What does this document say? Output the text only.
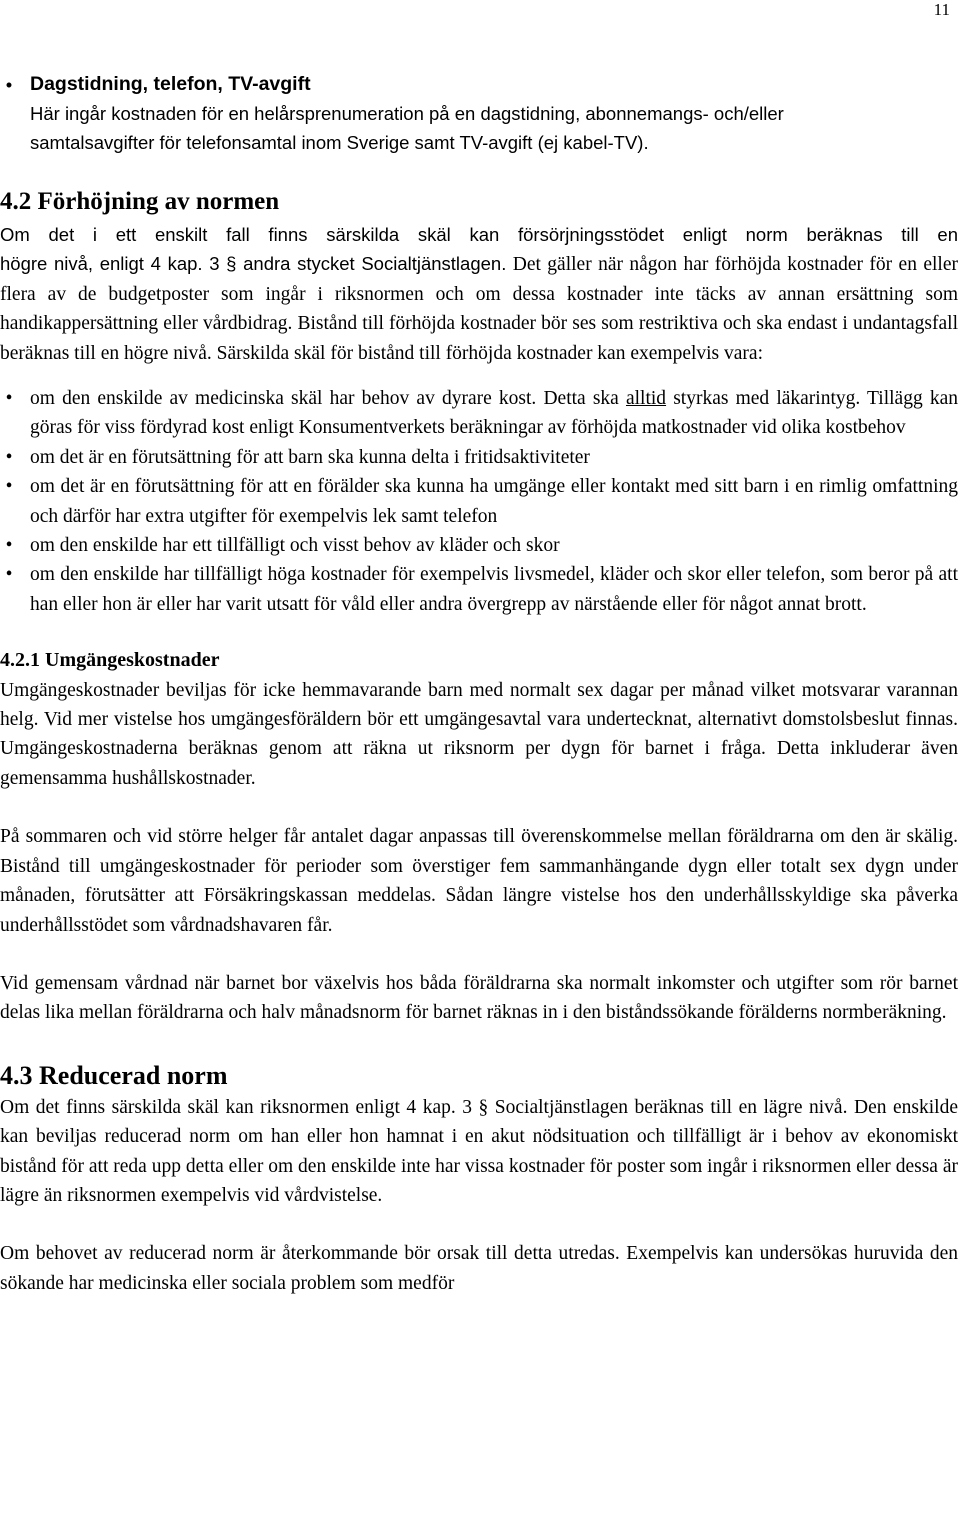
11
• Dagstidning, telefon, TV-avgift
Här ingår kostnaden för en helårsprenumeration på en dagstidning, abonnemangs- och/eller
samtalsavgifter för telefonsamtal inom Sverige samt TV-avgift (ej kabel-TV).
4.2 Förhöjning av normen

Om det i ett enskilt fall finns särskilda skäl kan försörjningsstödet enligt norm beräknas till en

högre nivå, enligt 4 kap. 3 § andra stycket Socialtjänstlagen. Det gäller när någon har förhöjda kostnader för en eller flera av de budgetposter som ingår i riksnormen och om dessa kostnader inte täcks av annan ersättning som handikappersättning eller vårdbidrag. Bistånd till förhöjda kostnader bör ses som restriktiva och ska endast i undantagsfall beräknas till en högre nivå. Särskilda skäl för bistånd till förhöjda kostnader kan exempelvis vara:

• om den enskilde av medicinska skäl har behov av dyrare kost. Detta ska alltid styrkas med läkarintyg. Tillägg kan göras för viss fördyrad kost enligt Konsumentverkets beräkningar av förhöjda matkostnader vid olika kostbehov

• om det är en förutsättning för att barn ska kunna delta i fritidsaktiviteter

• om det är en förutsättning för att en förälder ska kunna ha umgänge eller kontakt med sitt barn i en rimlig omfattning och därför har extra utgifter för exempelvis lek samt telefon

• om den enskilde har ett tillfälligt och visst behov av kläder och skor

• om den enskilde har tillfälligt höga kostnader för exempelvis livsmedel, kläder och skor eller telefon, som beror på att han eller hon är eller har varit utsatt för våld eller andra övergrepp av närstående eller för något annat brott.

4.2.1 Umgängeskostnader

Umgängeskostnader beviljas för icke hemmavarande barn med normalt sex dagar per månad vilket motsvarar varannan helg. Vid mer vistelse hos umgängesföräldern bör ett umgängesavtal vara undertecknat, alternativt domstolsbeslut finnas. Umgängeskostnaderna beräknas genom att räkna ut riksnorm per dygn för barnet i fråga. Detta inkluderar även gemensamma hushållskostnader.

På sommaren och vid större helger får antalet dagar anpassas till överenskommelse mellan föräldrarna om den är skälig. Bistånd till umgängeskostnader för perioder som överstiger fem sammanhängande dygn eller totalt sex dygn under månaden, förutsätter att Försäkringskassan meddelas. Sådan längre vistelse hos den underhållsskyldige ska påverka underhållsstödet som vårdnadshavaren får.

Vid gemensam vårdnad när barnet bor växelvis hos båda föräldrarna ska normalt inkomster och utgifter som rör barnet delas lika mellan föräldrarna och halv månadsnorm för barnet räknas in i den biståndssökande förälderns normberäkning.

4.3 Reducerad norm

Om det finns särskilda skäl kan riksnormen enligt 4 kap. 3 § Socialtjänstlagen beräknas till en lägre nivå. Den enskilde kan beviljas reducerad norm om han eller hon hamnat i en akut nödsituation och tillfälligt är i behov av ekonomiskt bistånd för att reda upp detta eller om den enskilde inte har vissa kostnader för poster som ingår i riksnormen eller dessa är lägre än riksnormen exempelvis vid vårdvistelse.

Om behovet av reducerad norm är återkommande bör orsak till detta utredas. Exempelvis kan undersökas huruvida den sökande har medicinska eller sociala problem som medför
